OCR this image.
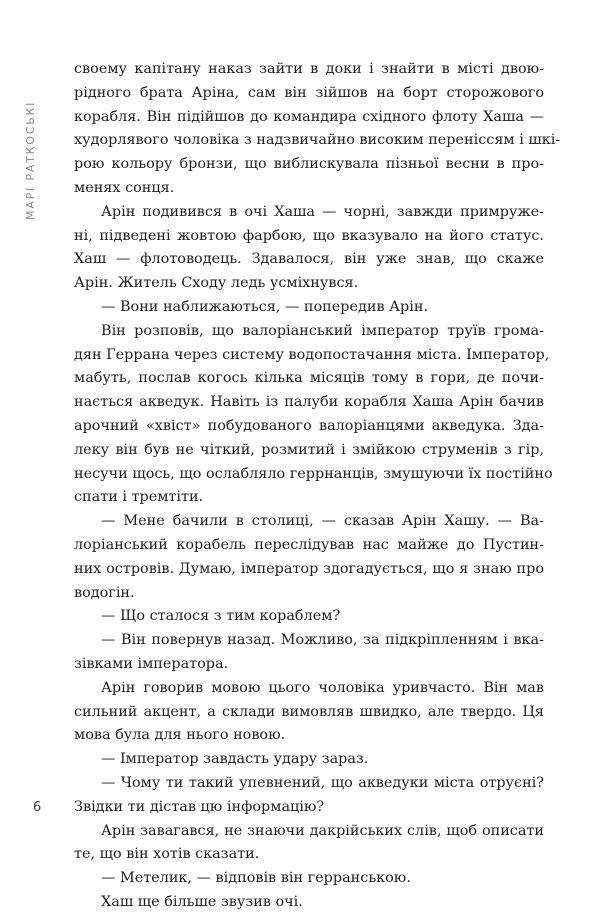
МАРІ РАТКОСЬКІ
своему капітану наказ зайти в доки і знайти в місті двою-
рідного брата Аріна, сам він зійшов на борт сторожового
корабля. Він підійшов до командира східного флоту Хаша —
худорлявого чоловіка з надзвичайно високим переніссям і шкі-
рою кольору бронзи, що виблискувала пізньої весни в про-
менях сонця.
Арін подивився в очі Хаша — чорні, завжди примруже-
ні, підведені жовтою фарбою, що вказувало на його статус.
Хаш — флотоводець. Здавалося, він уже знав, що скаже
Арін. Житель Сходу ледь усміхнувся.
— Вони наближаються, — попередив Арін.
Він розповів, що валоріанський імператор труїв грома-
дян Геррана через систему водопостачання міста. Імператор,
мабуть, послав когось кілька місяців тому в гори, де почи-
нається акведук. Навіть із палуби корабля Хаша Арін бачив
арочний «хвіст» побудованого валоріанцями акведука. Зда-
леку він був не чіткий, розмитий і змійкою струменів з гір,
несучи щось, що ослабляло геррнанців, змушуючи їх постійно
спати і тремтіти.
— Мене бачили в столиці, — сказав Арін Хашу. — Ва-
лоріанський корабель переслідував нас майже до Пустин-
них островів. Думаю, імператор здогадується, що я знаю про
водогін.
— Що сталося з тим кораблем?
— Він повернув назад. Можливо, за підкріпленням і вка-
зівками імператора.
Арін говорив мовою цього чоловіка уривчасто. Він мав
сильний акцент, а склади вимовляв швидко, але твердо. Ця
мова була для нього новою.
— Імператор завдасть удару зараз.
— Чому ти такий упевнений, що акведуки міста отруєні?
Звідки ти дістав цю інформацію?
Арін завагався, не знаючи дакрійських слів, щоб описати
те, що він хотів сказати.
— Метелик, — відповів він герранською.
Хаш ще більше звузив очі.
6
